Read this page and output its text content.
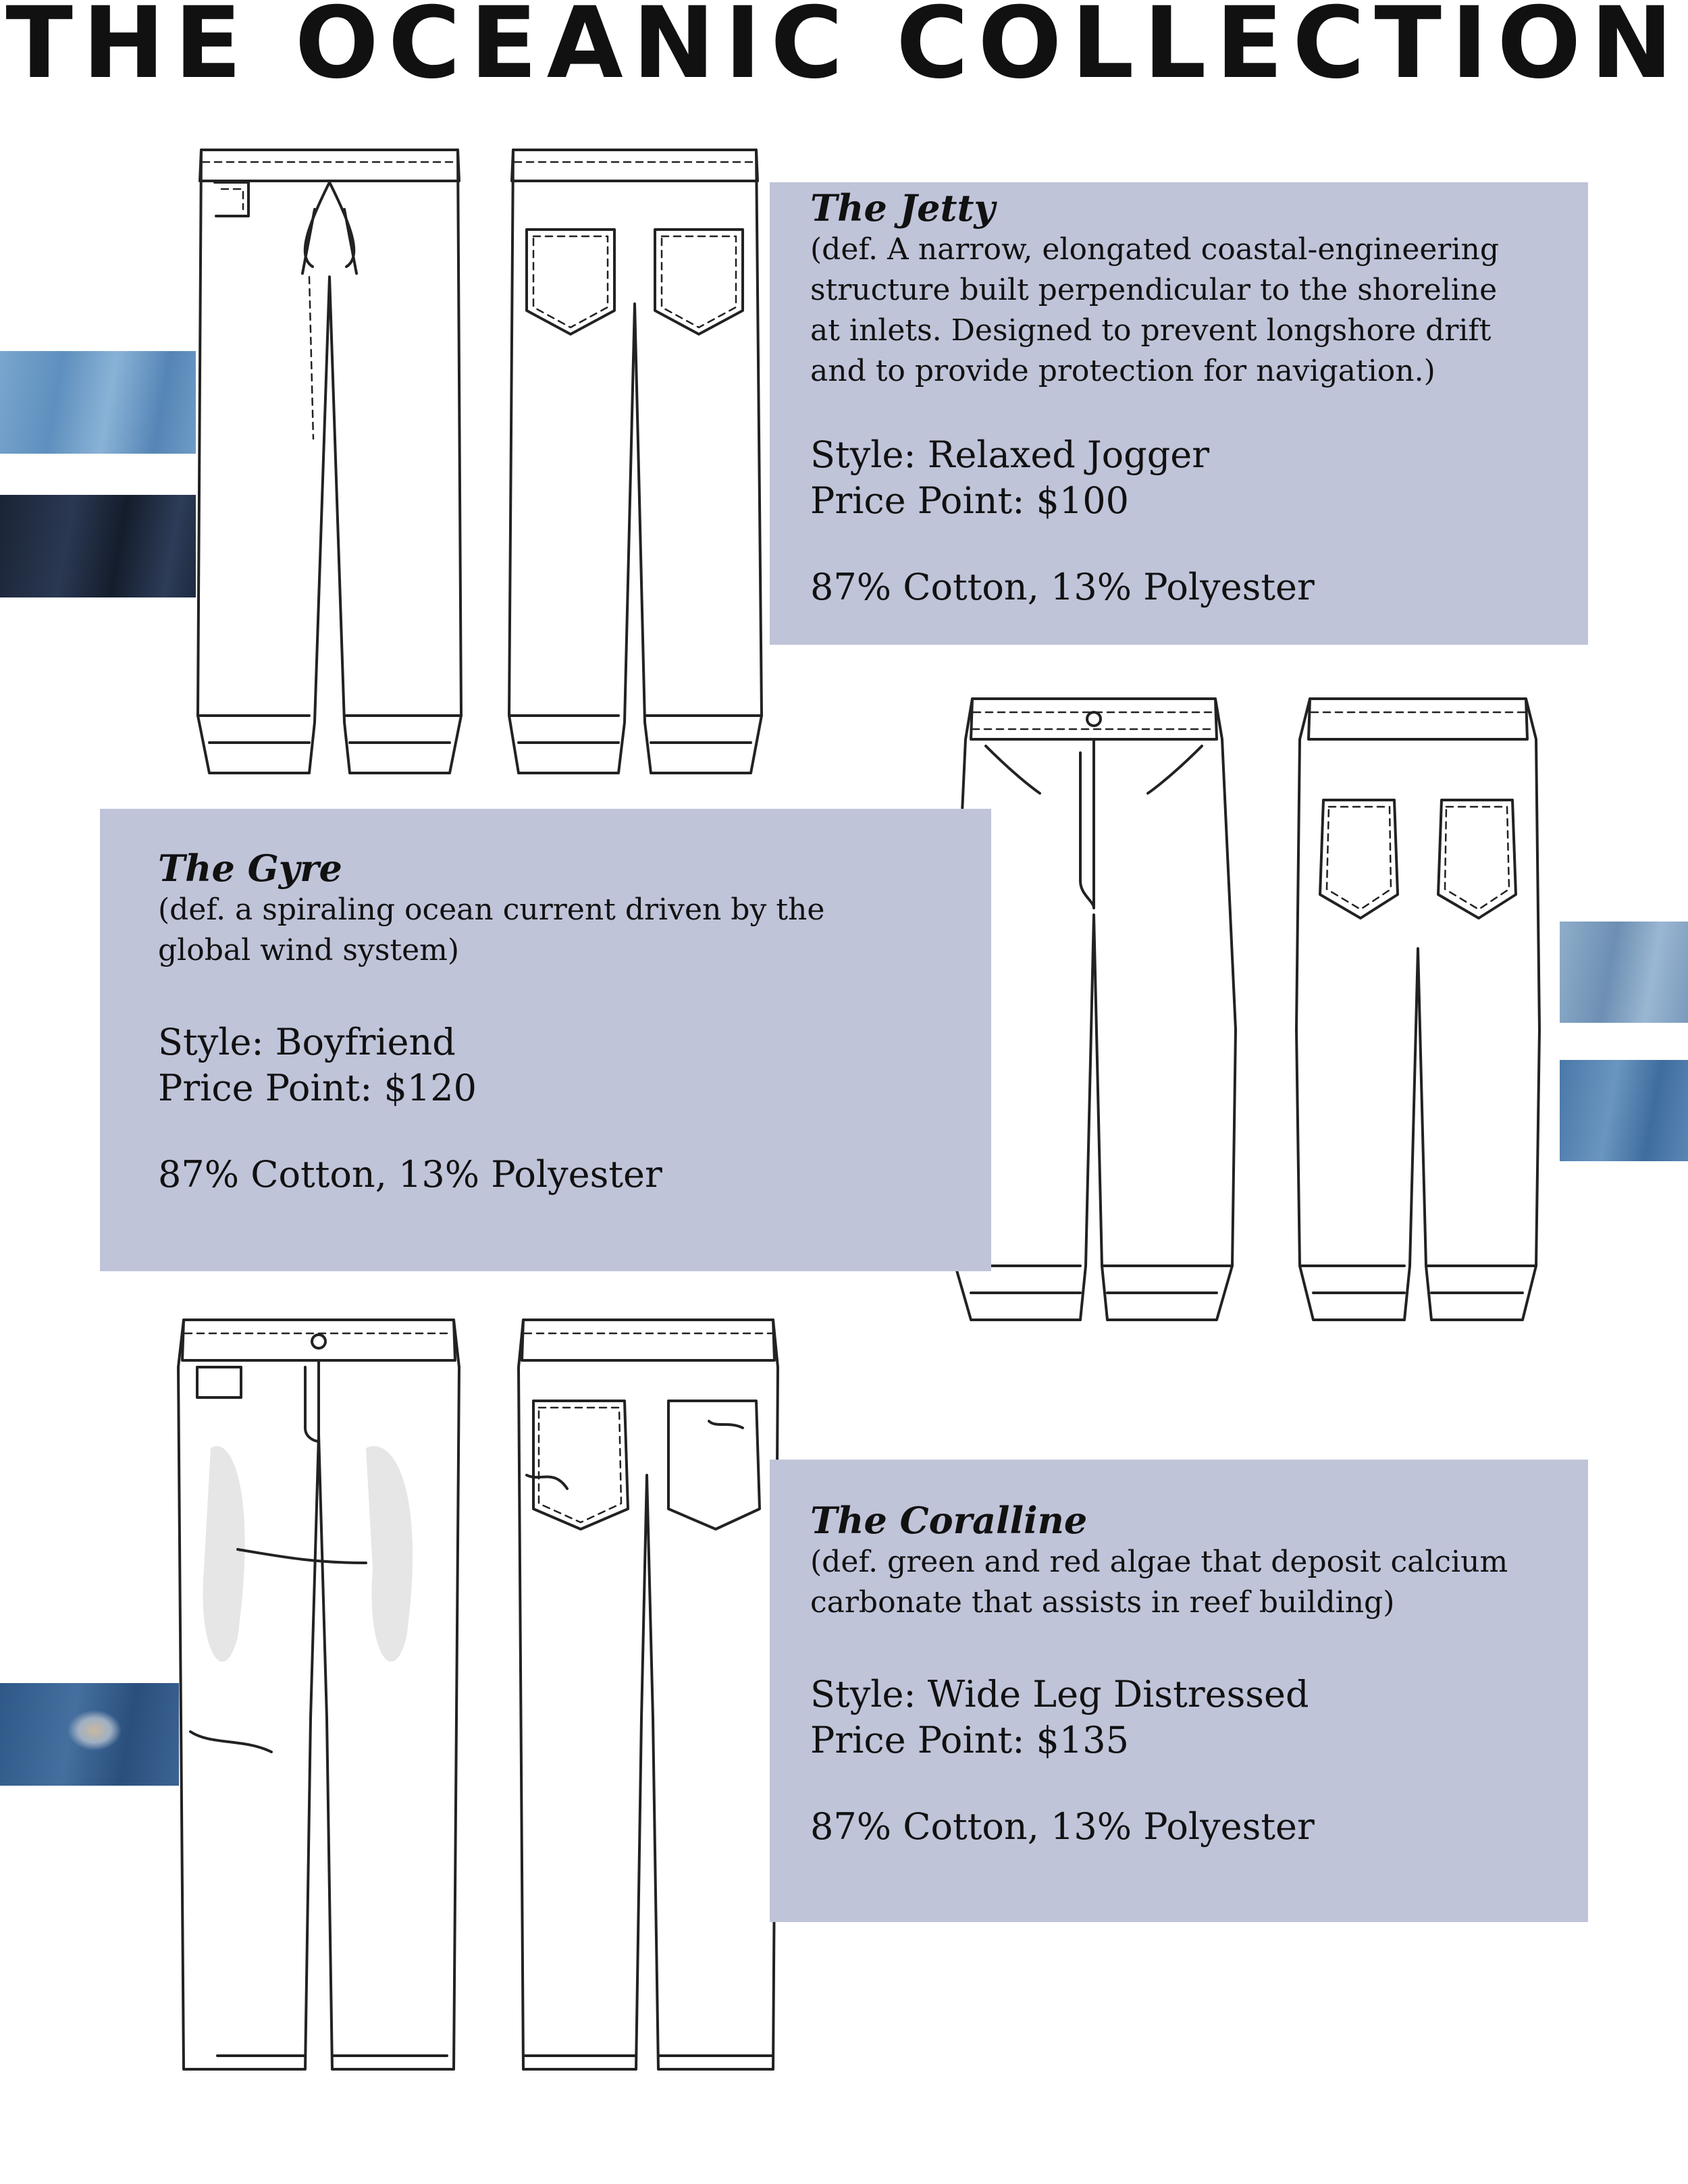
THE OCEANIC COLLECTION

The Jetty

(def. A narrow, elongated coastal-engineering

structure built perpendicular to the shoreline

at inlets. Designed to prevent longshore drift

and to provide protection for navigation.)

Style: Relaxed Jogger

Price Point: $100

87% Cotton, 13% Polyester

The Gyre

(def. a spiraling ocean current driven by the

global wind system)

Style: Boyfriend

Price Point: $120

87% Cotton, 13% Polyester

The Coralline

(def. green and red algae that deposit calcium

carbonate that assists in reef building)

Style: Wide Leg Distressed

Price Point: $135

87% Cotton, 13% Polyester
